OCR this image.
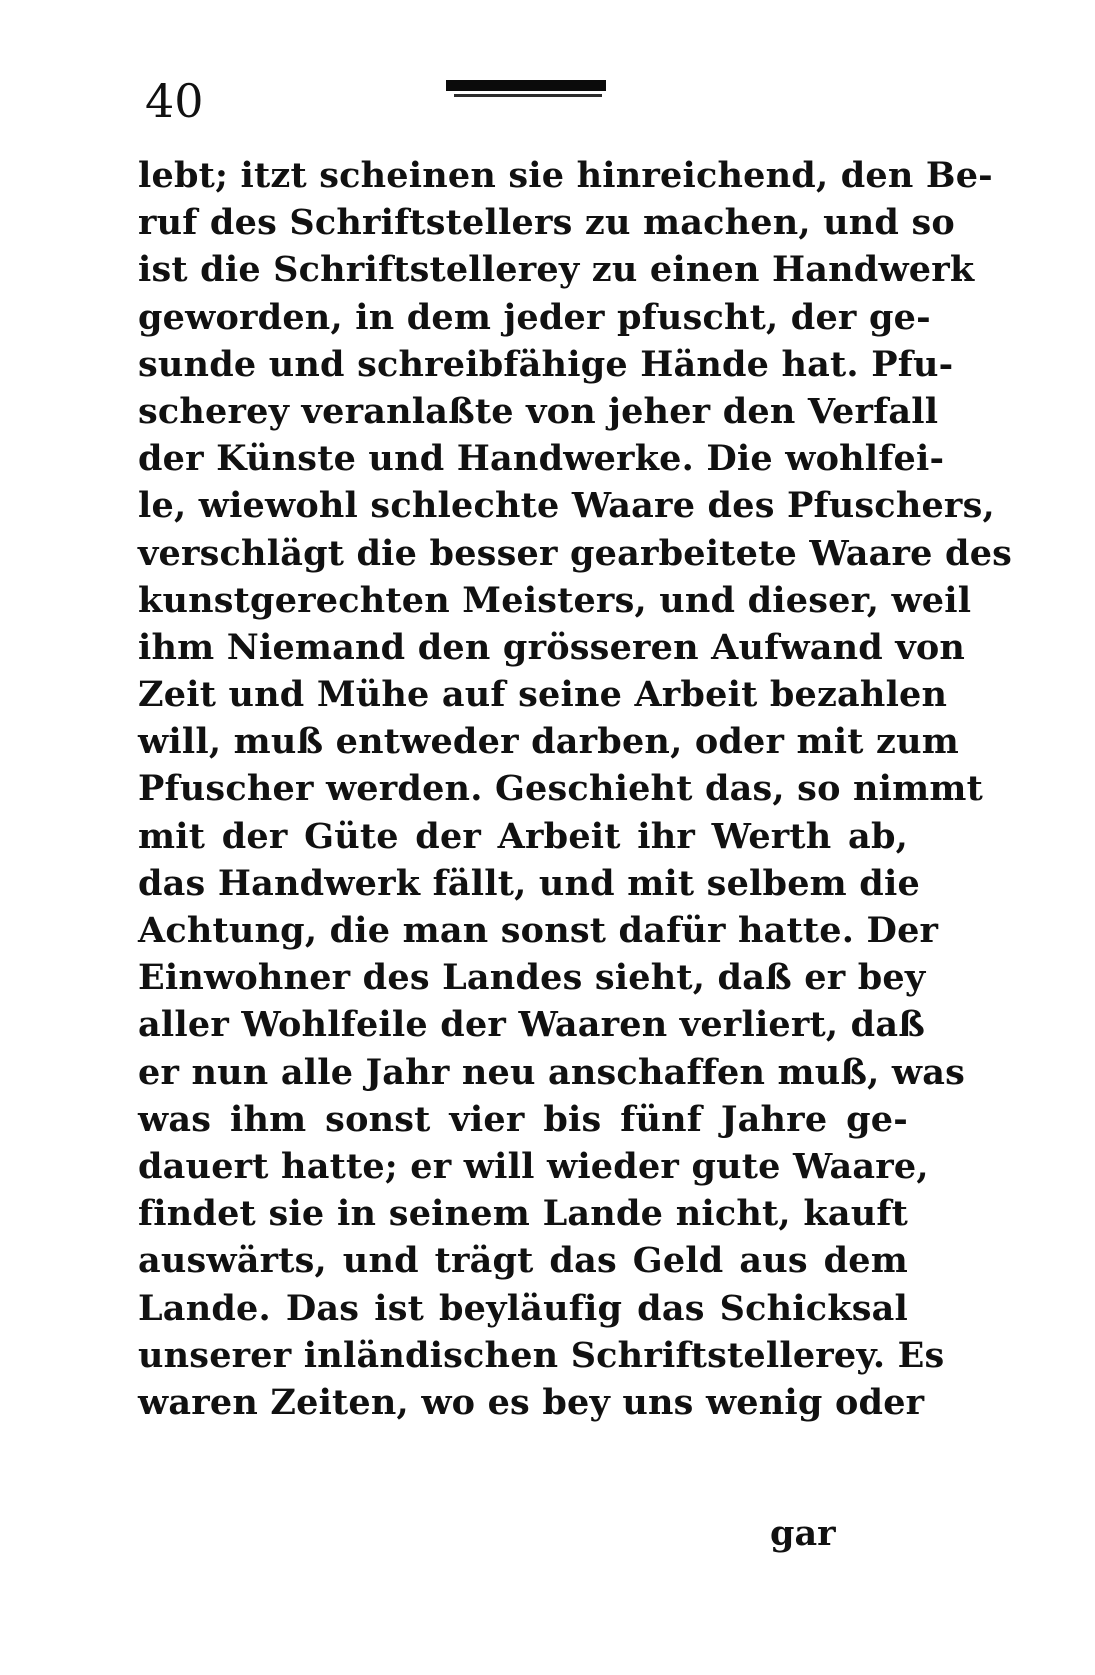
40
lebt; itzt scheinen sie hinreichend, den Be-
ruf des Schriftstellers zu machen, und so
ist die Schriftstellerey zu einen Handwerk
geworden, in dem jeder pfuscht, der ge-
sunde und schreibfähige Hände hat. Pfu-
scherey veranlaßte von jeher den Verfall
der Künste und Handwerke. Die wohlfei-
le, wiewohl schlechte Waare des Pfuschers,
verschlägt die besser gearbeitete Waare des
kunstgerechten Meisters, und dieser, weil
ihm Niemand den grösseren Aufwand von
Zeit und Mühe auf seine Arbeit bezahlen
will, muß entweder darben, oder mit zum
Pfuscher werden. Geschieht das, so nimmt
mit der Güte der Arbeit ihr Werth ab,
das Handwerk fällt, und mit selbem die
Achtung, die man sonst dafür hatte. Der
Einwohner des Landes sieht, daß er bey
aller Wohlfeile der Waaren verliert, daß
er nun alle Jahr neu anschaffen muß, was
was ihm sonst vier bis fünf Jahre ge-
dauert hatte; er will wieder gute Waare,
findet sie in seinem Lande nicht, kauft
auswärts, und trägt das Geld aus dem
Lande. Das ist beyläufig das Schicksal
unserer inländischen Schriftstellerey. Es
waren Zeiten, wo es bey uns wenig oder
gar
